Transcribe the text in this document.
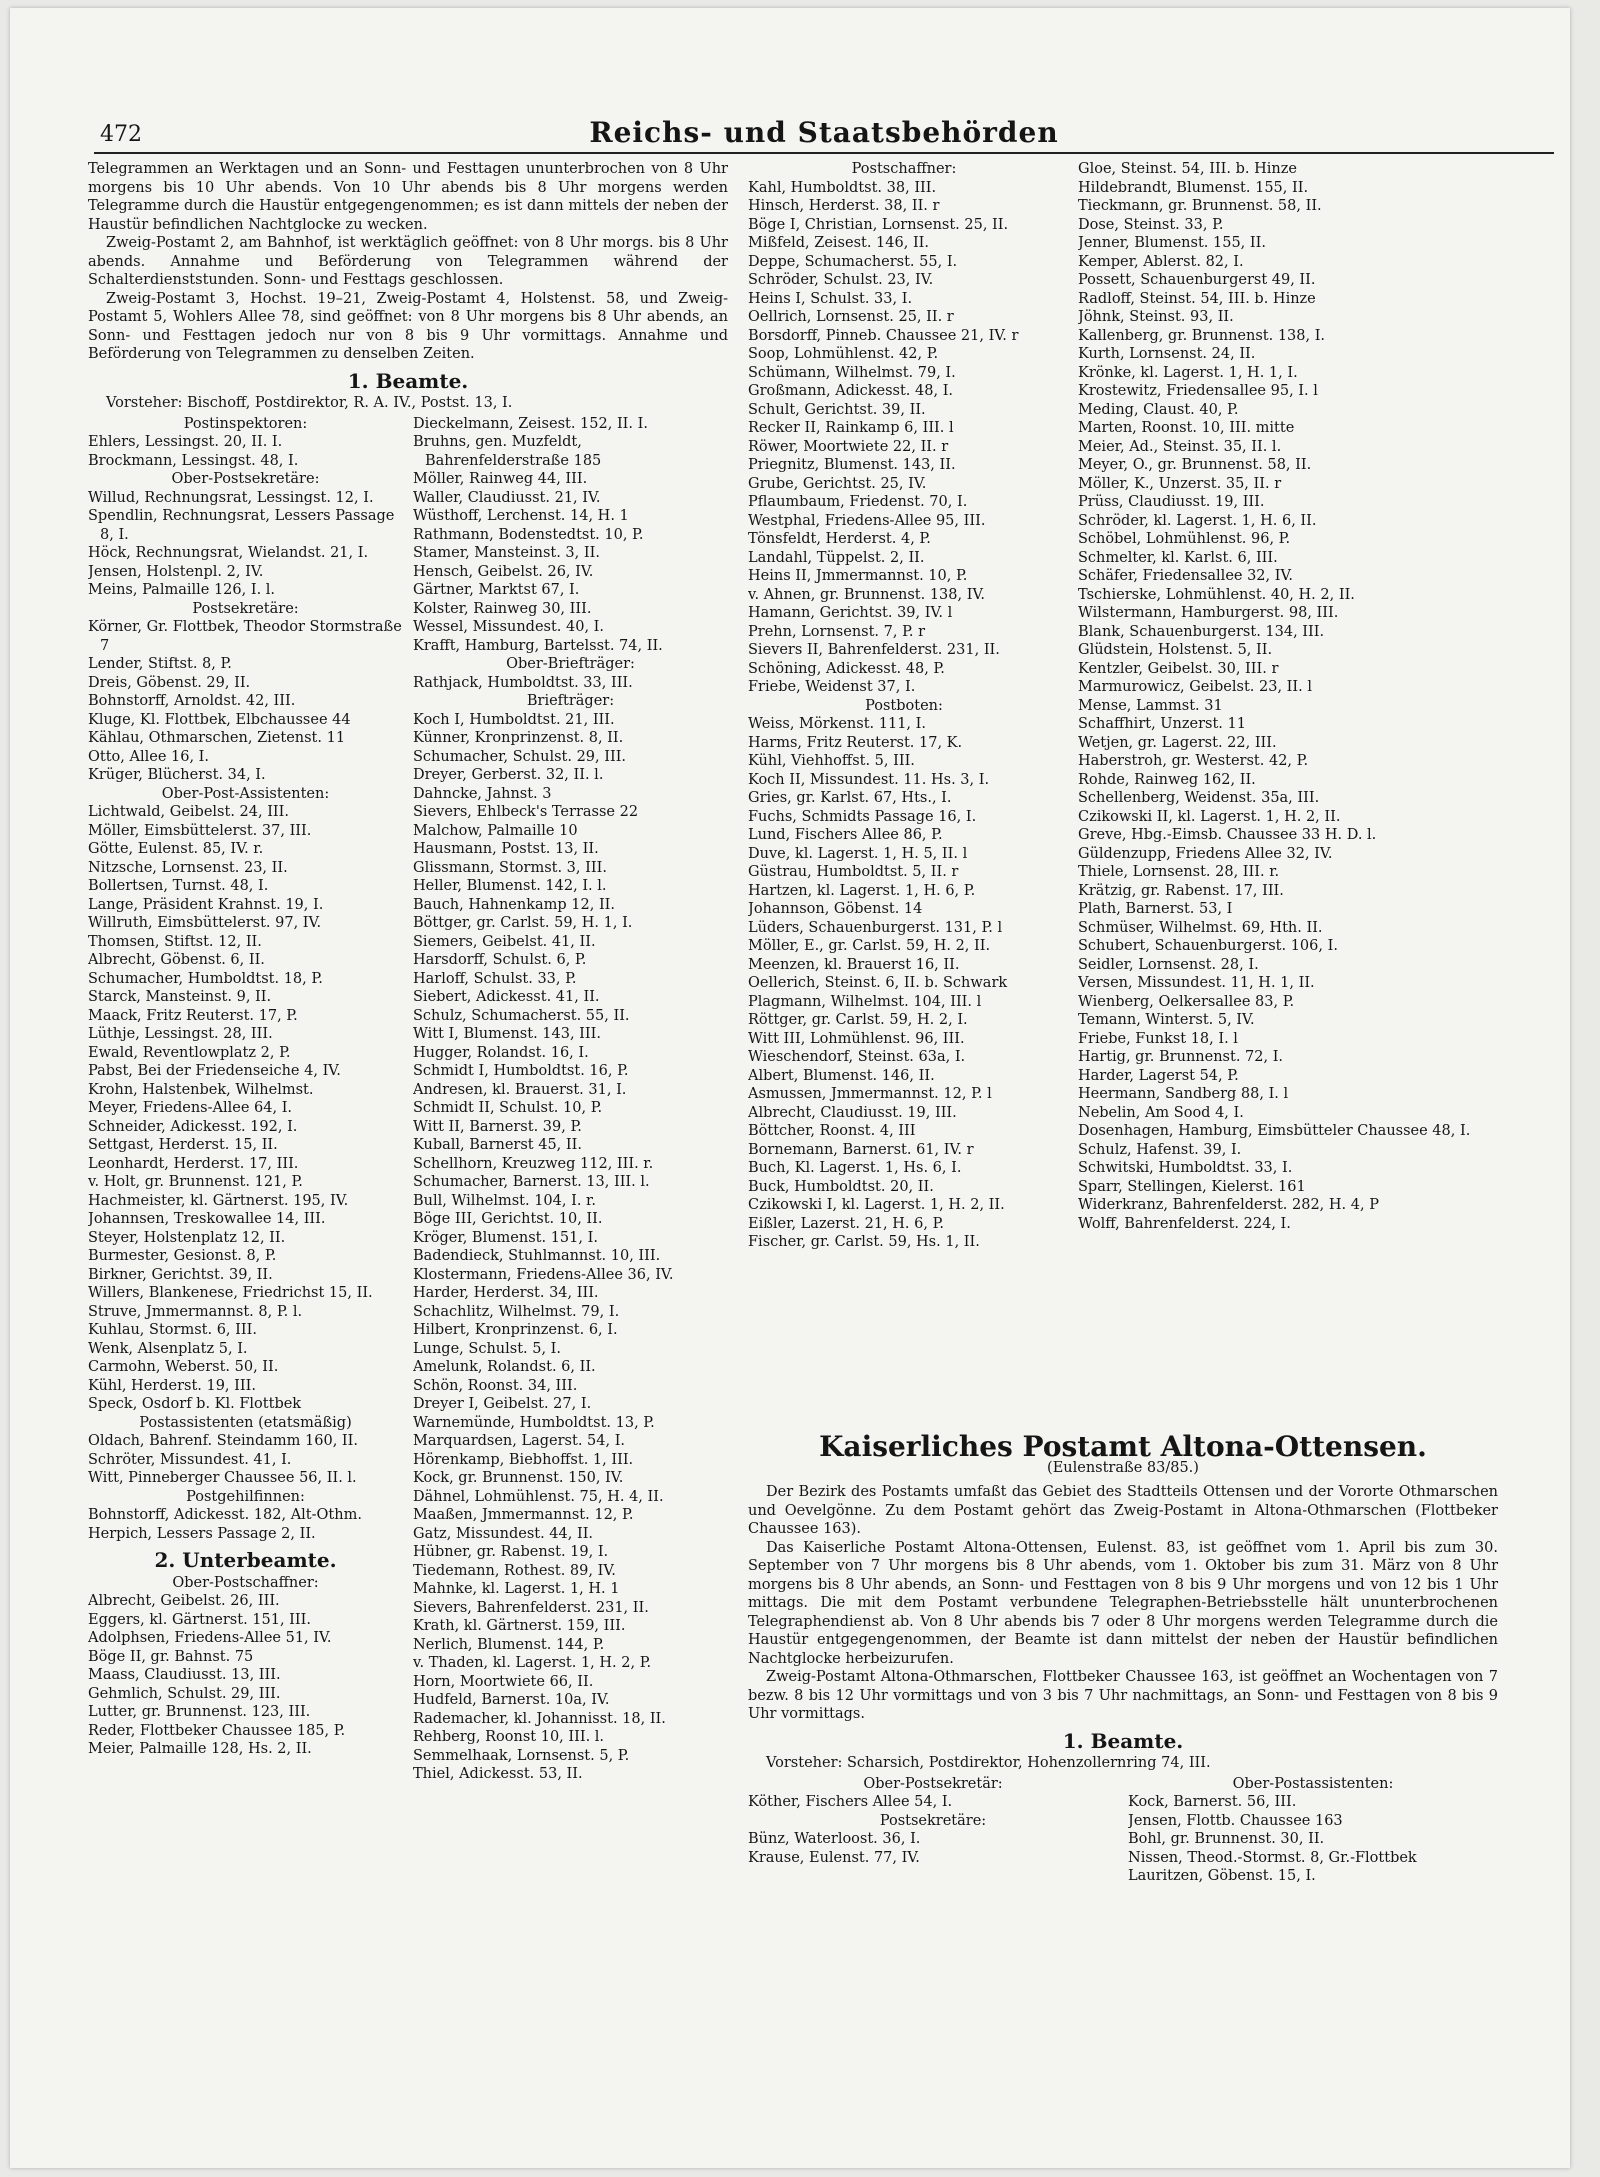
472	Reichs- und Staatsbehörden

Telegrammen an Werktagen und an Sonn- und Festtagen ununterbrochen von 8 Uhr morgens bis 10 Uhr abends. Von 10 Uhr abends bis 8 Uhr morgens werden Telegramme durch die Haustür entgegengenommen; es ist dann mittels der neben der Haustür befindlichen Nachtglocke zu wecken.

Zweig-Postamt 2, am Bahnhof, ist werktäglich geöffnet: von 8 Uhr morgs. bis 8 Uhr abends. Annahme und Beförderung von Telegrammen während der Schalterdienststunden. Sonn- und Festtags geschlossen.

Zweig-Postamt 3, Hochst. 19–21, Zweig-Postamt 4, Holstenst. 58, und Zweig-Postamt 5, Wohlers Allee 78, sind geöffnet: von 8 Uhr morgens bis 8 Uhr abends, an Sonn- und Festtagen jedoch nur von 8 bis 9 Uhr vormittags. Annahme und Beförderung von Telegrammen zu denselben Zeiten.

1. Beamte.

Vorsteher: Bischoff, Postdirektor, R. A. IV., Postst. 13, I.

Postinspektoren:

Ehlers, Lessingst. 20, II. I.

Brockmann, Lessingst. 48, I.

Ober-Postsekretäre:

Willud, Rechnungsrat, Lessingst. 12, I.

Spendlin, Rechnungsrat, Lessers Passage 8, I.

Höck, Rechnungsrat, Wielandst. 21, I.

Jensen, Holstenpl. 2, IV.

Meins, Palmaille 126, I. l.

Postsekretäre:

Körner, Gr. Flottbek, Theodor Stormstraße 7

Lender, Stiftst. 8, P.

Dreis, Göbenst. 29, II.

Bohnstorff, Arnoldst. 42, III.

Kluge, Kl. Flottbek, Elbchaussee 44

Kählau, Othmarschen, Zietenst. 11

Otto, Allee 16, I.

Krüger, Blücherst. 34, I.

Ober-Post-Assistenten:

Lichtwald, Geibelst. 24, III.

Möller, Eimsbüttelerst. 37, III.

Götte, Eulenst. 85, IV. r.

Nitzsche, Lornsenst. 23, II.

Bollertsen, Turnst. 48, I.

Lange, Präsident Krahnst. 19, I.

Willruth, Eimsbüttelerst. 97, IV.

Thomsen, Stiftst. 12, II.

Albrecht, Göbenst. 6, II.

Schumacher, Humboldtst. 18, P.

Starck, Mansteinst. 9, II.

Maack, Fritz Reuterst. 17, P.

Lüthje, Lessingst. 28, III.

Ewald, Reventlowplatz 2, P.

Pabst, Bei der Friedenseiche 4, IV.

Krohn, Halstenbek, Wilhelmst.

Meyer, Friedens-Allee 64, I.

Schneider, Adickesst. 192, I.

Settgast, Herderst. 15, II.

Leonhardt, Herderst. 17, III.

v. Holt, gr. Brunnenst. 121, P.

Hachmeister, kl. Gärtnerst. 195, IV.

Johannsen, Treskowallee 14, III.

Steyer, Holstenplatz 12, II.

Burmester, Gesionst. 8, P.

Birkner, Gerichtst. 39, II.

Willers, Blankenese, Friedrichst 15, II.

Struve, Jmmermannst. 8, P. l.

Kuhlau, Stormst. 6, III.

Wenk, Alsenplatz 5, I.

Carmohn, Weberst. 50, II.

Kühl, Herderst. 19, III.

Speck, Osdorf b. Kl. Flottbek

Postassistenten (etatsmäßig)

Oldach, Bahrenf. Steindamm 160, II.

Schröter, Missundest. 41, I.

Witt, Pinneberger Chaussee 56, II. l.

Postgehilfinnen:

Bohnstorff, Adickesst. 182, Alt-Othm.

Herpich, Lessers Passage 2, II.

2. Unterbeamte.

Ober-Postschaffner:

Albrecht, Geibelst. 26, III.

Eggers, kl. Gärtnerst. 151, III.

Adolphsen, Friedens-Allee 51, IV.

Böge II, gr. Bahnst. 75

Maass, Claudiusst. 13, III.

Gehmlich, Schulst. 29, III.

Lutter, gr. Brunnenst. 123, III.

Reder, Flottbeker Chaussee 185, P.

Meier, Palmaille 128, Hs. 2, II.

Dieckelmann, Zeisest. 152, II. I.

Bruhns, gen. Muzfeldt, Bahrenfelderstraße 185

Möller, Rainweg 44, III.

Waller, Claudiusst. 21, IV.

Wüsthoff, Lerchenst. 14, H. 1

Rathmann, Bodenstedtst. 10, P.

Stamer, Mansteinst. 3, II.

Hensch, Geibelst. 26, IV.

Gärtner, Marktst 67, I.

Kolster, Rainweg 30, III.

Wessel, Missundest. 40, I.

Krafft, Hamburg, Bartelsst. 74, II.

Ober-Briefträger:

Rathjack, Humboldtst. 33, III.

Briefträger:

Koch I, Humboldtst. 21, III.

Künner, Kronprinzenst. 8, II.

Schumacher, Schulst. 29, III.

Dreyer, Gerberst. 32, II. l.

Dahncke, Jahnst. 3

Sievers, Ehlbeck's Terrasse 22

Malchow, Palmaille 10

Hausmann, Postst. 13, II.

Glissmann, Stormst. 3, III.

Heller, Blumenst. 142, I. l.

Bauch, Hahnenkamp 12, II.

Böttger, gr. Carlst. 59, H. 1, I.

Siemers, Geibelst. 41, II.

Harsdorff, Schulst. 6, P.

Harloff, Schulst. 33, P.

Siebert, Adickesst. 41, II.

Schulz, Schumacherst. 55, II.

Witt I, Blumenst. 143, III.

Hugger, Rolandst. 16, I.

Schmidt I, Humboldtst. 16, P.

Andresen, kl. Brauerst. 31, I.

Schmidt II, Schulst. 10, P.

Witt II, Barnerst. 39, P.

Kuball, Barnerst 45, II.

Schellhorn, Kreuzweg 112, III. r.

Schumacher, Barnerst. 13, III. l.

Bull, Wilhelmst. 104, I. r.

Böge III, Gerichtst. 10, II.

Kröger, Blumenst. 151, I.

Badendieck, Stuhlmannst. 10, III.

Klostermann, Friedens-Allee 36, IV.

Harder, Herderst. 34, III.

Schachlitz, Wilhelmst. 79, I.

Hilbert, Kronprinzenst. 6, I.

Lunge, Schulst. 5, I.

Amelunk, Rolandst. 6, II.

Schön, Roonst. 34, III.

Dreyer I, Geibelst. 27, I.

Warnemünde, Humboldtst. 13, P.

Marquardsen, Lagerst. 54, I.

Hörenkamp, Biebhoffst. 1, III.

Kock, gr. Brunnenst. 150, IV.

Dähnel, Lohmühlenst. 75, H. 4, II.

Maaßen, Jmmermannst. 12, P.

Gatz, Missundest. 44, II.

Hübner, gr. Rabenst. 19, I.

Tiedemann, Rothest. 89, IV.

Mahnke, kl. Lagerst. 1, H. 1

Sievers, Bahrenfelderst. 231, II.

Krath, kl. Gärtnerst. 159, III.

Nerlich, Blumenst. 144, P.

v. Thaden, kl. Lagerst. 1, H. 2, P.

Horn, Moortwiete 66, II.

Hudfeld, Barnerst. 10a, IV.

Rademacher, kl. Johannisst. 18, II.

Rehberg, Roonst 10, III. l.

Semmelhaak, Lornsenst. 5, P.

Thiel, Adickesst. 53, II.

Postschaffner:

Kahl, Humboldtst. 38, III.

Hinsch, Herderst. 38, II. r

Böge I, Christian, Lornsenst. 25, II.

Mißfeld, Zeisest. 146, II.

Deppe, Schumacherst. 55, I.

Schröder, Schulst. 23, IV.

Heins I, Schulst. 33, I.

Oellrich, Lornsenst. 25, II. r

Borsdorff, Pinneb. Chaussee 21, IV. r

Soop, Lohmühlenst. 42, P.

Schümann, Wilhelmst. 79, I.

Großmann, Adickesst. 48, I.

Schult, Gerichtst. 39, II.

Recker II, Rainkamp 6, III. l

Röwer, Moortwiete 22, II. r

Priegnitz, Blumenst. 143, II.

Grube, Gerichtst. 25, IV.

Pflaumbaum, Friedenst. 70, I.

Westphal, Friedens-Allee 95, III.

Tönsfeldt, Herderst. 4, P.

Landahl, Tüppelst. 2, II.

Heins II, Jmmermannst. 10, P.

v. Ahnen, gr. Brunnenst. 138, IV.

Hamann, Gerichtst. 39, IV. l

Prehn, Lornsenst. 7, P. r

Sievers II, Bahrenfelderst. 231, II.

Schöning, Adickesst. 48, P.

Friebe, Weidenst 37, I.

Postboten:

Weiss, Mörkenst. 111, I.

Harms, Fritz Reuterst. 17, K.

Kühl, Viehhoffst. 5, III.

Koch II, Missundest. 11. Hs. 3, I.

Gries, gr. Karlst. 67, Hts., I.

Fuchs, Schmidts Passage 16, I.

Lund, Fischers Allee 86, P.

Duve, kl. Lagerst. 1, H. 5, II. l

Güstrau, Humboldtst. 5, II. r

Hartzen, kl. Lagerst. 1, H. 6, P.

Johannson, Göbenst. 14

Lüders, Schauenburgerst. 131, P. l

Möller, E., gr. Carlst. 59, H. 2, II.

Meenzen, kl. Brauerst 16, II.

Oellerich, Steinst. 6, II. b. Schwark

Plagmann, Wilhelmst. 104, III. l

Röttger, gr. Carlst. 59, H. 2, I.

Witt III, Lohmühlenst. 96, III.

Wieschendorf, Steinst. 63a, I.

Albert, Blumenst. 146, II.

Asmussen, Jmmermannst. 12, P. l

Albrecht, Claudiusst. 19, III.

Böttcher, Roonst. 4, III

Bornemann, Barnerst. 61, IV. r

Buch, Kl. Lagerst. 1, Hs. 6, I.

Buck, Humboldtst. 20, II.

Czikowski I, kl. Lagerst. 1, H. 2, II.

Eißler, Lazerst. 21, H. 6, P.

Fischer, gr. Carlst. 59, Hs. 1, II.

Gloe, Steinst. 54, III. b. Hinze

Hildebrandt, Blumenst. 155, II.

Tieckmann, gr. Brunnenst. 58, II.

Dose, Steinst. 33, P.

Jenner, Blumenst. 155, II.

Kemper, Ablerst. 82, I.

Possett, Schauenburgerst 49, II.

Radloff, Steinst. 54, III. b. Hinze

Jöhnk, Steinst. 93, II.

Kallenberg, gr. Brunnenst. 138, I.

Kurth, Lornsenst. 24, II.

Krönke, kl. Lagerst. 1, H. 1, I.

Krostewitz, Friedensallee 95, I. l

Meding, Claust. 40, P.

Marten, Roonst. 10, III. mitte

Meier, Ad., Steinst. 35, II. l.

Meyer, O., gr. Brunnenst. 58, II.

Möller, K., Unzerst. 35, II. r

Prüss, Claudiusst. 19, III.

Schröder, kl. Lagerst. 1, H. 6, II.

Schöbel, Lohmühlenst. 96, P.

Schmelter, kl. Karlst. 6, III.

Schäfer, Friedensallee 32, IV.

Tschierske, Lohmühlenst. 40, H. 2, II.

Wilstermann, Hamburgerst. 98, III.

Blank, Schauenburgerst. 134, III.

Glüdstein, Holstenst. 5, II.

Kentzler, Geibelst. 30, III. r

Marmurowicz, Geibelst. 23, II. l

Mense, Lammst. 31

Schaffhirt, Unzerst. 11

Wetjen, gr. Lagerst. 22, III.

Haberstroh, gr. Westerst. 42, P.

Rohde, Rainweg 162, II.

Schellenberg, Weidenst. 35a, III.

Czikowski II, kl. Lagerst. 1, H. 2, II.

Greve, Hbg.-Eimsb. Chaussee 33 H. D. l.

Güldenzupp, Friedens Allee 32, IV.

Thiele, Lornsenst. 28, III. r.

Krätzig, gr. Rabenst. 17, III.

Plath, Barnerst. 53, I

Schmüser, Wilhelmst. 69, Hth. II.

Schubert, Schauenburgerst. 106, I.

Seidler, Lornsenst. 28, I.

Versen, Missundest. 11, H. 1, II.

Wienberg, Oelkersallee 83, P.

Temann, Winterst. 5, IV.

Friebe, Funkst 18, I. l

Hartig, gr. Brunnenst. 72, I.

Harder, Lagerst 54, P.

Heermann, Sandberg 88, I. l

Nebelin, Am Sood 4, I.

Dosenhagen, Hamburg, Eimsbütteler Chaussee 48, I.

Schulz, Hafenst. 39, I.

Schwitski, Humboldtst. 33, I.

Sparr, Stellingen, Kielerst. 161

Widerkranz, Bahrenfelderst. 282, H. 4, P

Wolff, Bahrenfelderst. 224, I.

Kaiserliches Postamt Altona-Ottensen.
(Eulenstraße 83/85.)

Der Bezirk des Postamts umfaßt das Gebiet des Stadtteils Ottensen und der Vororte Othmarschen und Oevelgönne. Zu dem Postamt gehört das Zweig-Postamt in Altona-Othmarschen (Flottbeker Chaussee 163).

Das Kaiserliche Postamt Altona-Ottensen, Eulenst. 83, ist geöffnet vom 1. April bis zum 30. September von 7 Uhr morgens bis 8 Uhr abends, vom 1. Oktober bis zum 31. März von 8 Uhr morgens bis 8 Uhr abends, an Sonn- und Festtagen von 8 bis 9 Uhr morgens und von 12 bis 1 Uhr mittags. Die mit dem Postamt verbundene Telegraphen-Betriebsstelle hält ununterbrochenen Telegraphendienst ab. Von 8 Uhr abends bis 7 oder 8 Uhr morgens werden Telegramme durch die Haustür entgegengenommen, der Beamte ist dann mittelst der neben der Haustür befindlichen Nachtglocke herbeizurufen.

Zweig-Postamt Altona-Othmarschen, Flottbeker Chaussee 163, ist geöffnet an Wochentagen von 7 bezw. 8 bis 12 Uhr vormittags und von 3 bis 7 Uhr nachmittags, an Sonn- und Festtagen von 8 bis 9 Uhr vormittags.

1. Beamte.

Vorsteher: Scharsich, Postdirektor, Hohenzollernring 74, III.

Ober-Postsekretär:

Köther, Fischers Allee 54, I.

Postsekretäre:

Bünz, Waterloost. 36, I.

Krause, Eulenst. 77, IV.

Ober-Postassistenten:

Kock, Barnerst. 56, III.

Jensen, Flottb. Chaussee 163

Bohl, gr. Brunnenst. 30, II.

Nissen, Theod.-Stormst. 8, Gr.-Flottbek

Lauritzen, Göbenst. 15, I.
